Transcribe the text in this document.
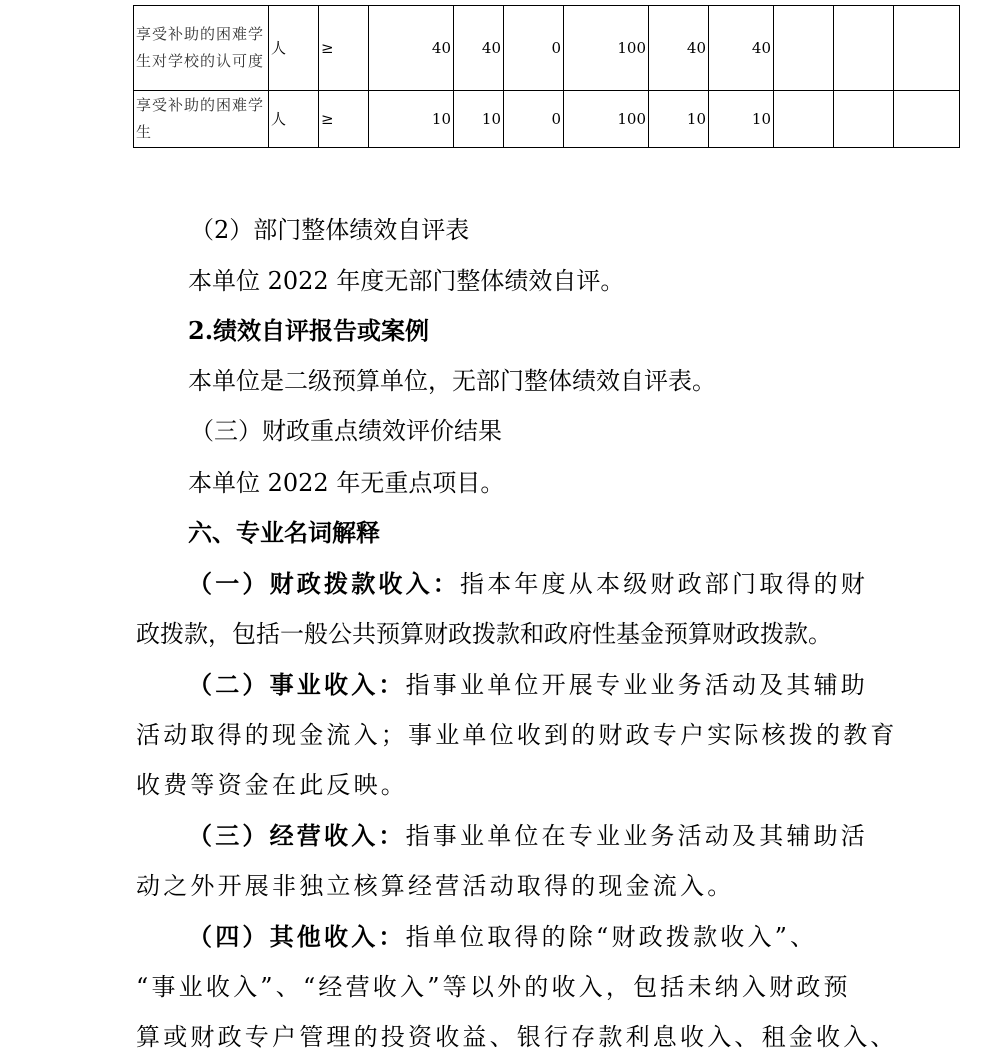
享受补助的困难学生对学校的认可度	人	≥	40	40	0	100	40	40			
享受补助的困难学生	人	≥	10	10	0	100	10	10			
（2）部门整体绩效自评表
本单位 2022 年度无部门整体绩效自评。
2.绩效自评报告或案例
本单位是二级预算单位，无部门整体绩效自评表。
（三）财政重点绩效评价结果
本单位 2022 年无重点项目。
六、专业名词解释
（一）财政拨款收入：指本年度从本级财政部门取得的财
政拨款，包括一般公共预算财政拨款和政府性基金预算财政拨款。
（二）事业收入：指事业单位开展专业业务活动及其辅助
活动取得的现金流入；事业单位收到的财政专户实际核拨的教育
收费等资金在此反映。
（三）经营收入：指事业单位在专业业务活动及其辅助活
动之外开展非独立核算经营活动取得的现金流入。
（四）其他收入：指单位取得的除“财政拨款收入”、
“事业收入”、“经营收入”等以外的收入，包括未纳入财政预
算或财政专户管理的投资收益、银行存款利息收入、租金收入、
